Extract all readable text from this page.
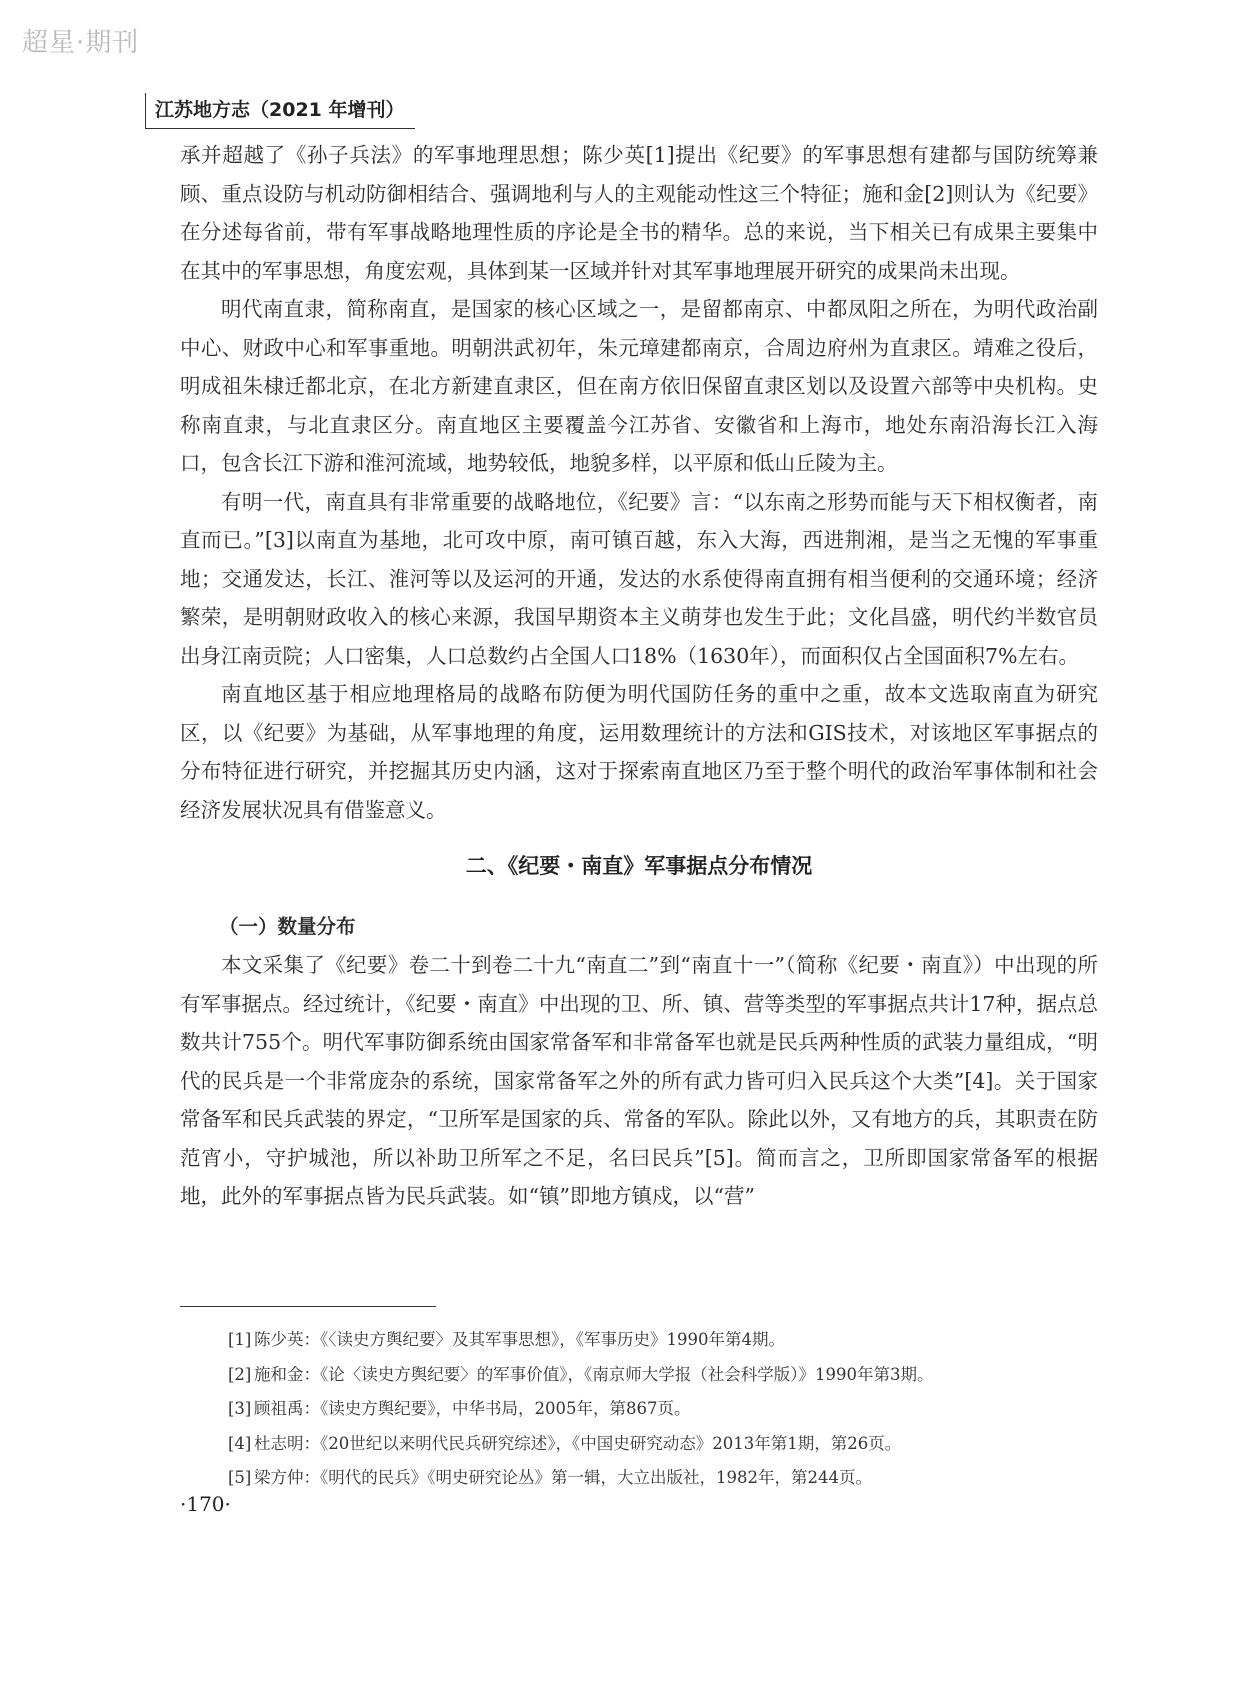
超星·期刊
江苏地方志（2021 年增刊）

承并超越了《孙子兵法》的军事地理思想；陈少英[1]提出《纪要》的军事思想有建都与国防统筹兼顾、重点设防与机动防御相结合、强调地利与人的主观能动性这三个特征；施和金[2]则认为《纪要》在分述每省前，带有军事战略地理性质的序论是全书的精华。总的来说，当下相关已有成果主要集中在其中的军事思想，角度宏观，具体到某一区域并针对其军事地理展开研究的成果尚未出现。

明代南直隶，简称南直，是国家的核心区域之一，是留都南京、中都凤阳之所在，为明代政治副中心、财政中心和军事重地。明朝洪武初年，朱元璋建都南京，合周边府州为直隶区。靖难之役后，明成祖朱棣迁都北京，在北方新建直隶区，但在南方依旧保留直隶区划以及设置六部等中央机构。史称南直隶，与北直隶区分。南直地区主要覆盖今江苏省、安徽省和上海市，地处东南沿海长江入海口，包含长江下游和淮河流域，地势较低，地貌多样，以平原和低山丘陵为主。

有明一代，南直具有非常重要的战略地位，《纪要》言：“以东南之形势而能与天下相权衡者，南直而已。”[3]以南直为基地，北可攻中原，南可镇百越，东入大海，西进荆湘，是当之无愧的军事重地；交通发达，长江、淮河等以及运河的开通，发达的水系使得南直拥有相当便利的交通环境；经济繁荣，是明朝财政收入的核心来源，我国早期资本主义萌芽也发生于此；文化昌盛，明代约半数官员出身江南贡院；人口密集，人口总数约占全国人口18%（1630年），而面积仅占全国面积7%左右。

南直地区基于相应地理格局的战略布防便为明代国防任务的重中之重，故本文选取南直为研究区，以《纪要》为基础，从军事地理的角度，运用数理统计的方法和GIS技术，对该地区军事据点的分布特征进行研究，并挖掘其历史内涵，这对于探索南直地区乃至于整个明代的政治军事体制和社会经济发展状况具有借鉴意义。

二、《纪要・南直》军事据点分布情况

（一）数量分布

本文采集了《纪要》卷二十到卷二十九“南直二”到“南直十一”（简称《纪要・南直》）中出现的所有军事据点。经过统计，《纪要・南直》中出现的卫、所、镇、营等类型的军事据点共计17种，据点总数共计755个。明代军事防御系统由国家常备军和非常备军也就是民兵两种性质的武装力量组成，“明代的民兵是一个非常庞杂的系统，国家常备军之外的所有武力皆可归入民兵这个大类”[4]。关于国家常备军和民兵武装的界定，“卫所军是国家的兵、常备的军队。除此以外，又有地方的兵，其职责在防范宵小，守护城池，所以补助卫所军之不足，名曰民兵”[5]。简而言之，卫所即国家常备军的根据地，此外的军事据点皆为民兵武装。如“镇”即地方镇戍，以“营”

[1] 陈少英：《〈读史方舆纪要〉及其军事思想》，《军事历史》1990年第4期。
[2] 施和金：《论〈读史方舆纪要〉的军事价值》，《南京师大学报（社会科学版）》1990年第3期。
[3] 顾祖禹：《读史方舆纪要》，中华书局，2005年，第867页。
[4] 杜志明：《20世纪以来明代民兵研究综述》，《中国史研究动态》2013年第1期，第26页。
[5] 梁方仲：《明代的民兵》《明史研究论丛》第一辑，大立出版社，1982年，第244页。
·170·
